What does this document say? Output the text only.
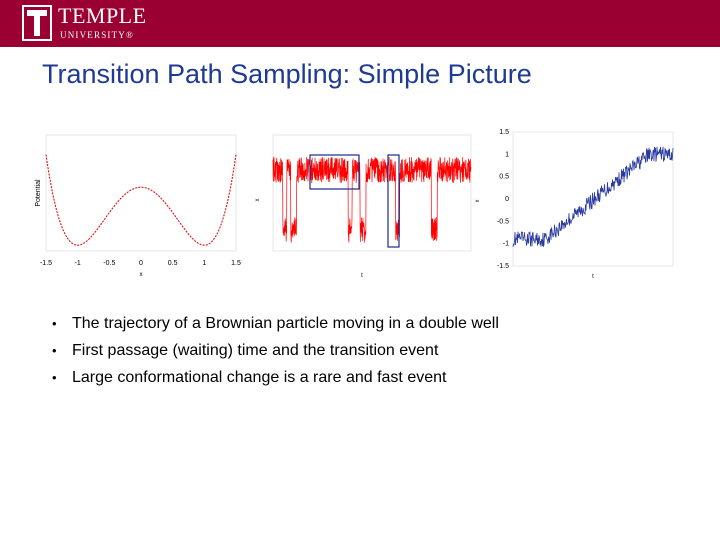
TEMPLE
UNIVERSITY®
Transition Path Sampling: Simple Picture
-1.5	-1	-0.5	0	0.5	1	1.5
x
Potential
t
x
1.5
1
0.5
0
-0.5
-1
-1.5
t
x
• The trajectory of a Brownian particle moving in a double well
• First passage (waiting) time and the transition event
• Large conformational change is a rare and fast event
